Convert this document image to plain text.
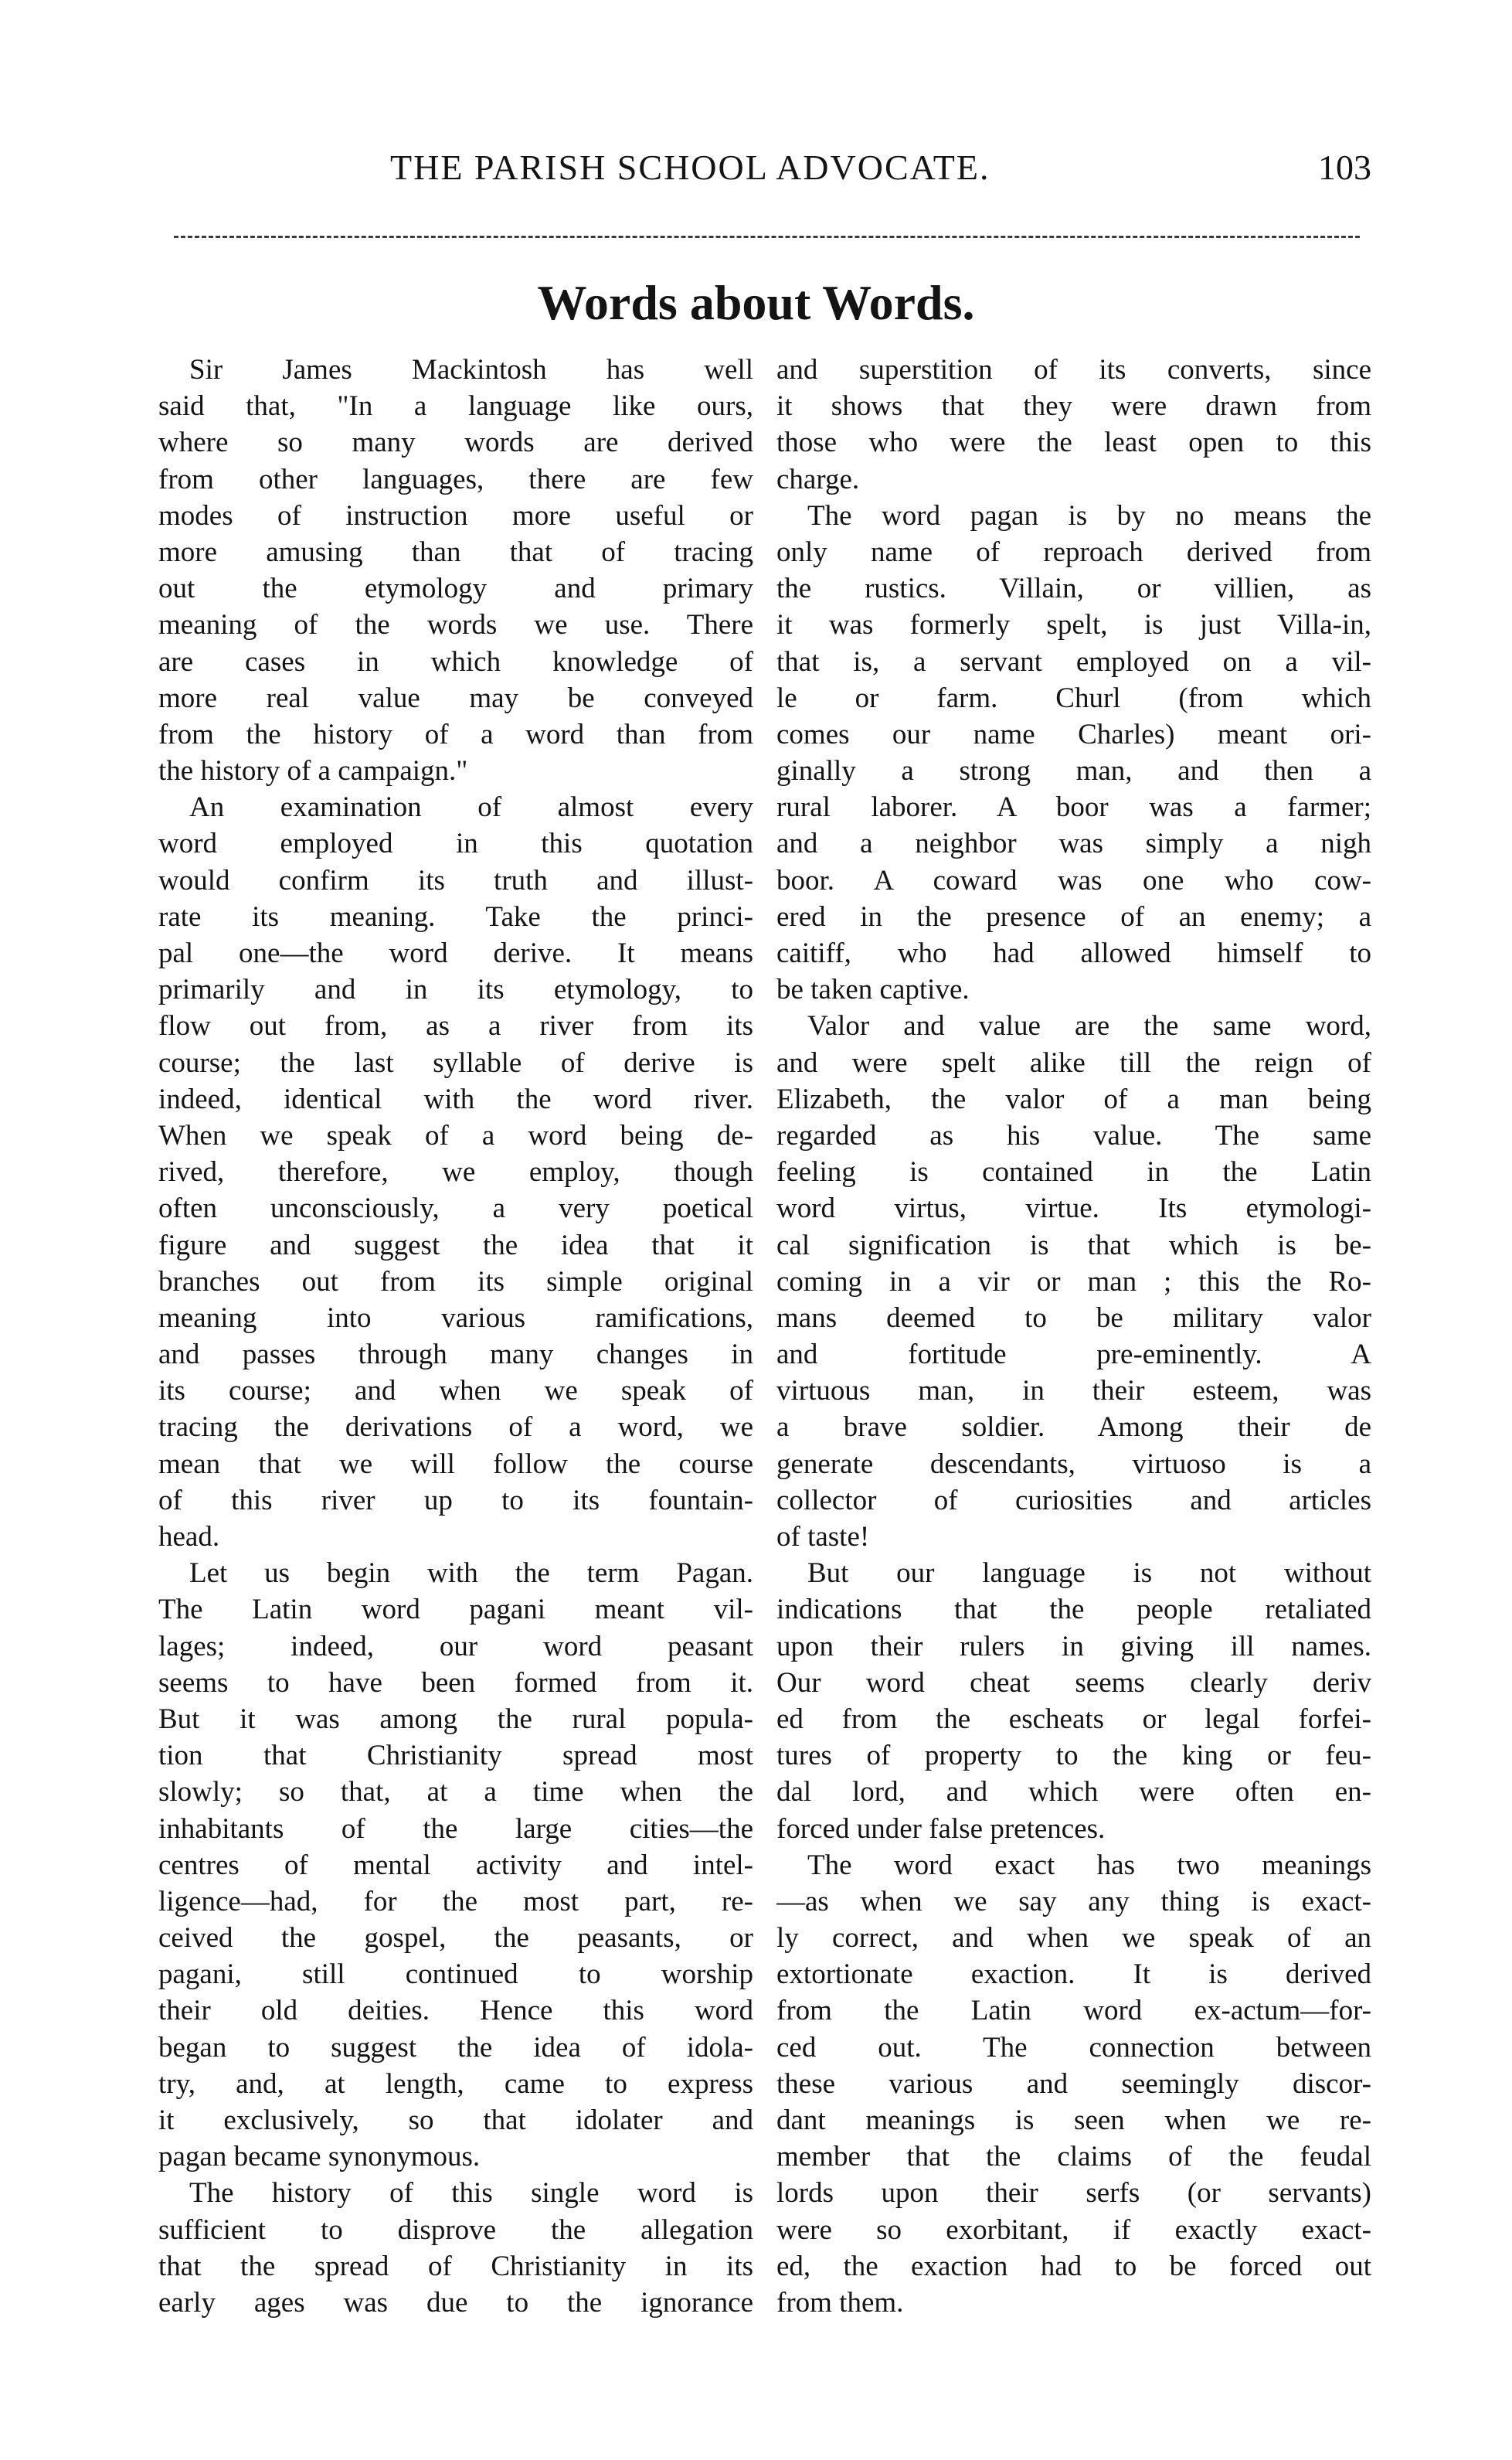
THE PARISH SCHOOL ADVOCATE.	103
Words about Words.
Sir James Mackintosh has well
said that, "In a language like ours,
where so many words are derived
from other languages, there are few
modes of instruction more useful or
more amusing than that of tracing
out the etymology and primary
meaning of the words we use. There
are cases in which knowledge of
more real value may be conveyed
from the history of a word than from
the history of a campaign."
An examination of almost every
word employed in this quotation
would confirm its truth and illust-
rate its meaning. Take the princi-
pal one—the word derive. It means
primarily and in its etymology, to
flow out from, as a river from its
course; the last syllable of derive is
indeed, identical with the word river.
When we speak of a word being de-
rived, therefore, we employ, though
often unconsciously, a very poetical
figure and suggest the idea that it
branches out from its simple original
meaning into various ramifications,
and passes through many changes in
its course; and when we speak of
tracing the derivations of a word, we
mean that we will follow the course
of this river up to its fountain-
head.
Let us begin with the term Pagan.
The Latin word pagani meant vil-
lages; indeed, our word peasant
seems to have been formed from it.
But it was among the rural popula-
tion that Christianity spread most
slowly; so that, at a time when the
inhabitants of the large cities—the
centres of mental activity and intel-
ligence—had, for the most part, re-
ceived the gospel, the peasants, or
pagani, still continued to worship
their old deities. Hence this word
began to suggest the idea of idola-
try, and, at length, came to express
it exclusively, so that idolater and
pagan became synonymous.
The history of this single word is
sufficient to disprove the allegation
that the spread of Christianity in its
early ages was due to the ignorance
and superstition of its converts, since
it shows that they were drawn from
those who were the least open to this
charge.
The word pagan is by no means the
only name of reproach derived from
the rustics. Villain, or villien, as
it was formerly spelt, is just Villa-in,
that is, a servant employed on a vil-
le or farm. Churl (from which
comes our name Charles) meant ori-
ginally a strong man, and then a
rural laborer. A boor was a farmer;
and a neighbor was simply a nigh
boor. A coward was one who cow-
ered in the presence of an enemy; a
caitiff, who had allowed himself to
be taken captive.
Valor and value are the same word,
and were spelt alike till the reign of
Elizabeth, the valor of a man being
regarded as his value. The same
feeling is contained in the Latin
word virtus, virtue. Its etymologi-
cal signification is that which is be-
coming in a vir or man ; this the Ro-
mans deemed to be military valor
and fortitude pre-eminently. A
virtuous man, in their esteem, was
a brave soldier. Among their de
generate descendants, virtuoso is a
collector of curiosities and articles
of taste!
But our language is not without
indications that the people retaliated
upon their rulers in giving ill names.
Our word cheat seems clearly deriv
ed from the escheats or legal forfei-
tures of property to the king or feu-
dal lord, and which were often en-
forced under false pretences.
The word exact has two meanings
—as when we say any thing is exact-
ly correct, and when we speak of an
extortionate exaction. It is derived
from the Latin word ex-actum—for-
ced out. The connection between
these various and seemingly discor-
dant meanings is seen when we re-
member that the claims of the feudal
lords upon their serfs (or servants)
were so exorbitant, if exactly exact-
ed, the exaction had to be forced out
from them.
